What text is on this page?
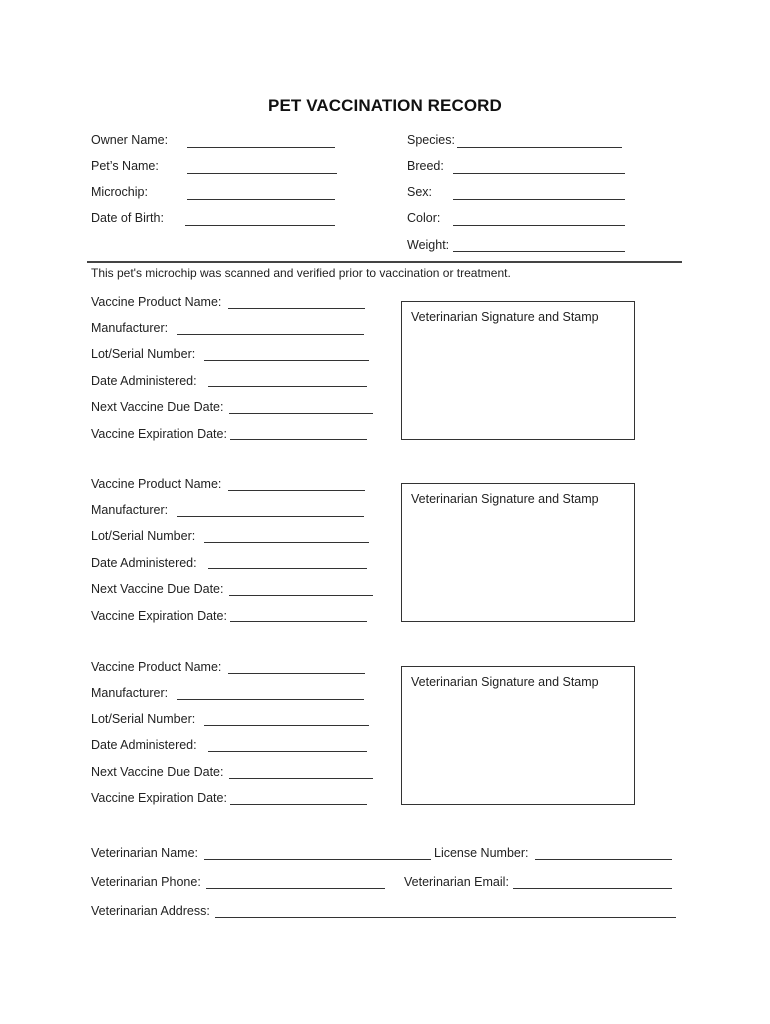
PET VACCINATION RECORD
Owner Name:
Pet’s Name:
Microchip:
Date of Birth:
Species:
Breed:
Sex:
Color:
Weight:
This pet's microchip was scanned and verified prior to vaccination or treatment.
Vaccine Product Name:
Manufacturer:
Lot/Serial Number:
Date Administered:
Next Vaccine Due Date:
Vaccine Expiration Date:
Veterinarian Signature and Stamp
Vaccine Product Name:
Manufacturer:
Lot/Serial Number:
Date Administered:
Next Vaccine Due Date:
Vaccine Expiration Date:
Veterinarian Signature and Stamp
Vaccine Product Name:
Manufacturer:
Lot/Serial Number:
Date Administered:
Next Vaccine Due Date:
Vaccine Expiration Date:
Veterinarian Signature and Stamp
Veterinarian Name:	License Number:
Veterinarian Phone:	Veterinarian Email:
Veterinarian Address:
